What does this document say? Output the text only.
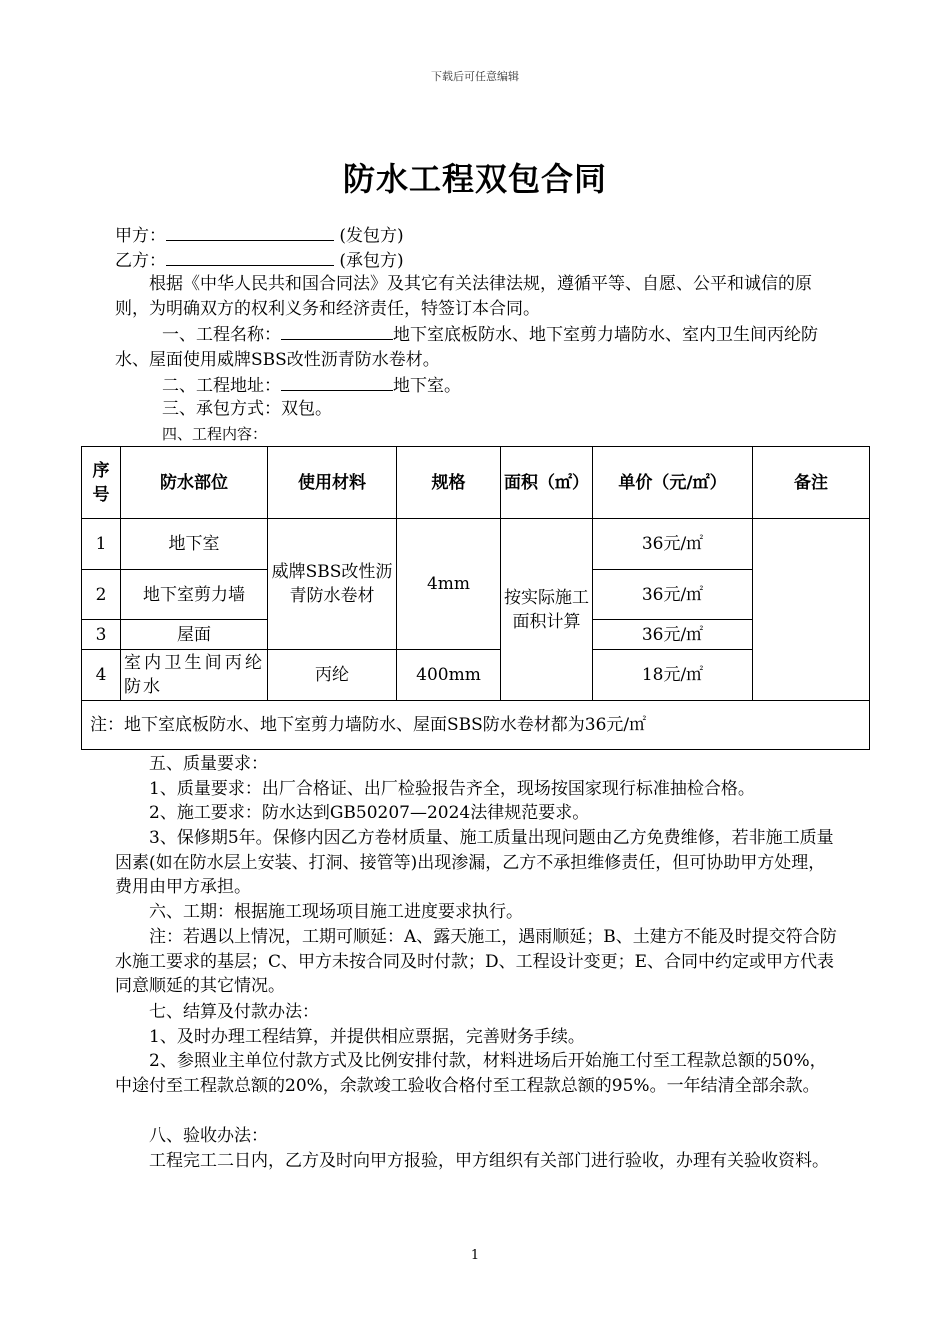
下载后可任意编辑
防水工程双包合同
甲方：	(发包方)
乙方：	(承包方)
根据《中华人民共和国合同法》及其它有关法律法规，遵循平等、自愿、公平和诚信的原则，为明确双方的权利义务和经济责任，特签订本合同。
一、工程名称：	地下室底板防水、地下室剪力墙防水、室内卫生间丙纶防水、屋面使用威牌SBS改性沥青防水卷材。
二、工程地址：	地下室。
三、承包方式：双包。
四、工程内容：
序号	防水部位	使用材料	规格	面积（㎡）	单价（元/㎡）	备注
1	地下室	威牌SBS改性沥青防水卷材	4mm	按实际施工面积计算	36元/㎡	
2	地下室剪力墙				36元/㎡	
3	屋面				36元/㎡	
4	室内卫生间丙纶防水	丙纶	400mm		18元/㎡	
注：地下室底板防水、地下室剪力墙防水、屋面SBS防水卷材都为36元/㎡						
五、质量要求：
1、质量要求：出厂合格证、出厂检验报告齐全，现场按国家现行标准抽检合格。
2、施工要求：防水达到GB50207—2024法律规范要求。
3、保修期5年。保修内因乙方卷材质量、施工质量出现问题由乙方免费维修，若非施工质量因素(如在防水层上安装、打洞、接管等)出现渗漏，乙方不承担维修责任，但可协助甲方处理，费用由甲方承担。
六、工期：根据施工现场项目施工进度要求执行。
注：若遇以上情况，工期可顺延：A、露天施工，遇雨顺延；B、土建方不能及时提交符合防水施工要求的基层；C、甲方未按合同及时付款；D、工程设计变更；E、合同中约定或甲方代表同意顺延的其它情况。
七、结算及付款办法：
1、及时办理工程结算，并提供相应票据，完善财务手续。
2、参照业主单位付款方式及比例安排付款，材料进场后开始施工付至工程款总额的50%，中途付至工程款总额的20%，余款竣工验收合格付至工程款总额的95%。一年结清全部余款。
八、验收办法：
工程完工二日内，乙方及时向甲方报验，甲方组织有关部门进行验收，办理有关验收资料。
1
